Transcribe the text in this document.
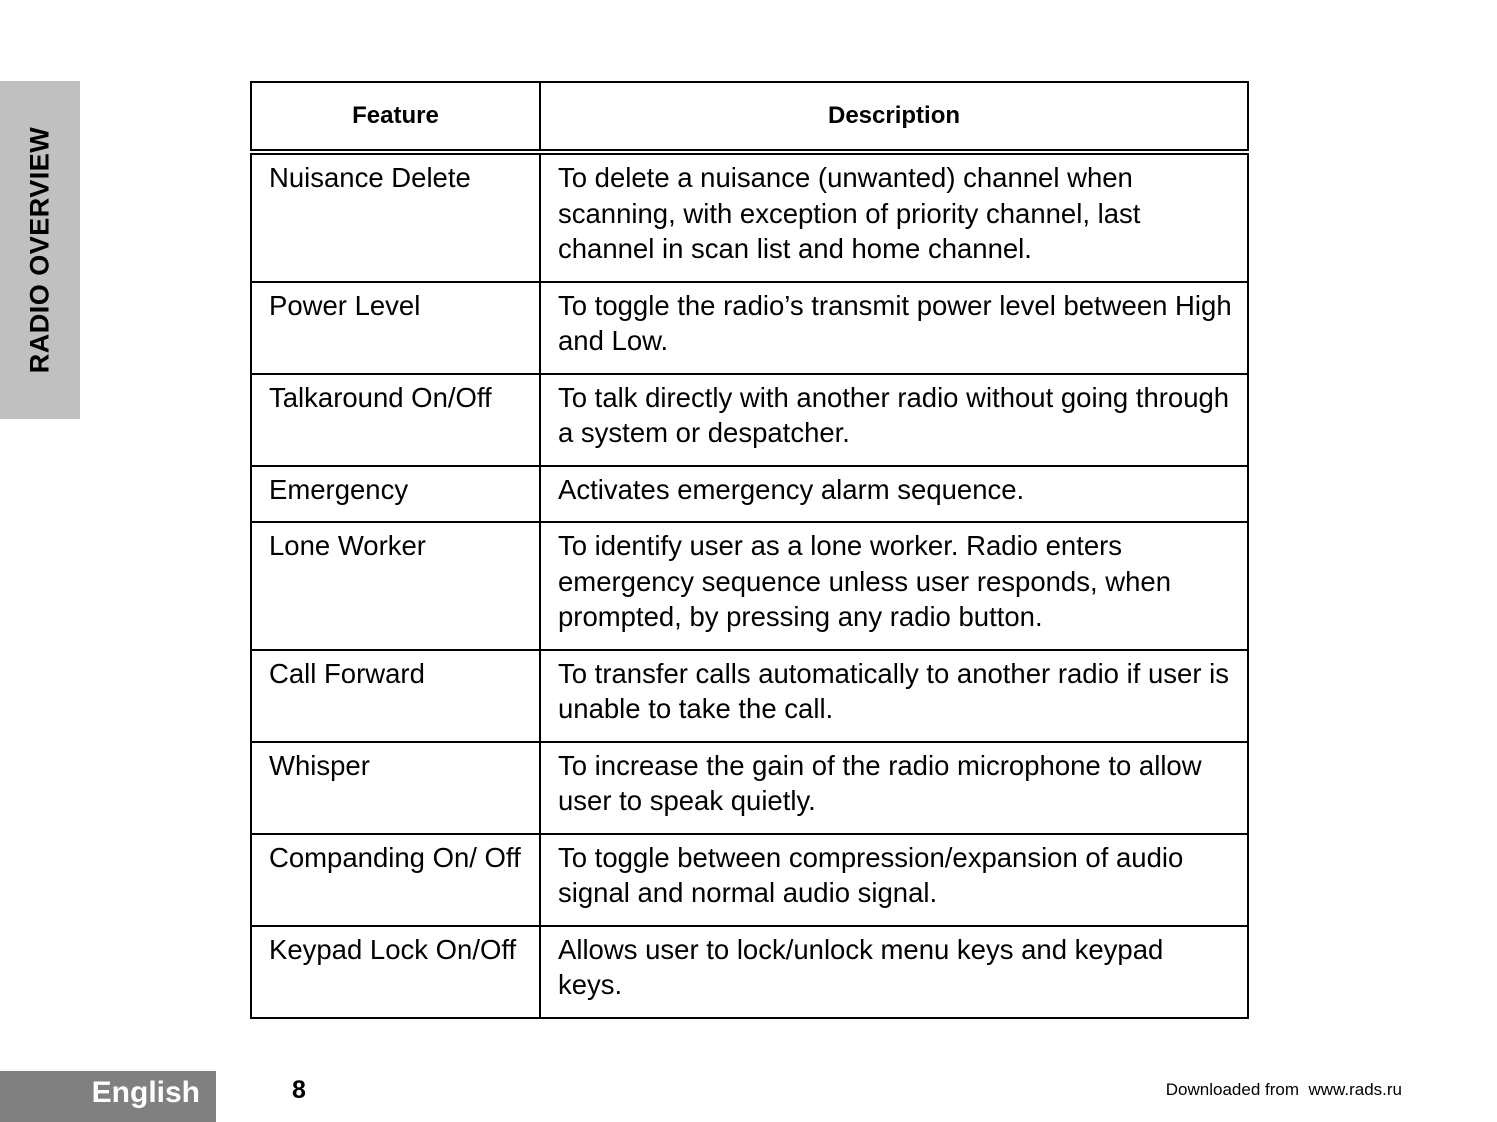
RADIO OVERVIEW
Feature	Description
Nuisance Delete	To delete a nuisance (unwanted) channel when scanning, with exception of priority channel, last channel in scan list and home channel.
Power Level	To toggle the radio’s transmit power level between High and Low.
Talkaround On/Off	To talk directly with another radio without going through a system or despatcher.
Emergency	Activates emergency alarm sequence.
Lone Worker	To identify user as a lone worker. Radio enters emergency sequence unless user responds, when prompted, by pressing any radio button.
Call Forward	To transfer calls automatically to another radio if user is unable to take the call.
Whisper	To increase the gain of the radio microphone to allow user to speak quietly.
Companding On/ Off	To toggle between compression/expansion of audio signal and normal audio signal.
Keypad Lock On/Off	Allows user to lock/unlock menu keys and keypad keys.
English	8	Downloaded from  www.rads.ru
